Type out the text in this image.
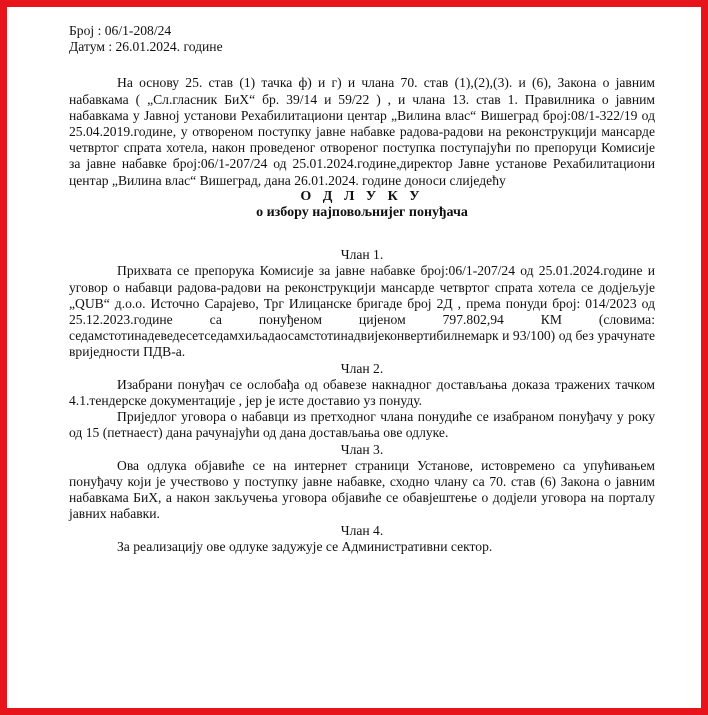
Број : 06/1-208/24

Датум : 26.01.2024. године

На основу 25. став (1) тачка ф) и г) и члана 70. став (1),(2),(3). и (6), Закона о јавним набавкама ( „Сл.гласник БиХ“ бр. 39/14 и 59/22 ) , и члана 13. став 1. Правилника о јавним набавкама у Јавној установи Рехабилитациони центар „Вилина влас“ Вишеград број:08/1-322/19 од 25.04.2019.године, у отвореном поступку јавне набавке радова-радови на реконструкцији мансарде четвртог спрата хотела, након проведеног отвореног поступка поступајући по препоруци Комисије за јавне набавке број:06/1-207/24 од 25.01.2024.године,директор Јавне установе Рехабилитациони центар „Вилина влас“ Вишеград, дана 26.01.2024. године доноси слиједећу

О Д Л У К У

о избору најповољнијег понуђача

Члан 1.

Прихвата се препорука Комисије за јавне набавке број:06/1-207/24 од 25.01.2024.године и уговор о набавци радова-радови на реконструкцији мансарде четвртог спрата хотела се додјељује „QUB“ д.о.о. Источно Сарајево, Трг Илицанске бригаде број 2Д , према понуди број: 014/2023 од 25.12.2023.године са понуђеном цијеном 797.802,94 КМ (словима: седамстотинадеведесетседамхиљадаосамстотинадвијеконвертибилнемарк и 93/100) од без урачунате вриједности ПДВ-а.

Члан 2.

Изабрани понуђач се ослобађа од обавезе накнадног достављања доказа тражених тачком 4.1.тендерске документације , јер је исте доставио уз понуду.

Приједлог уговора о набавци из претходног члана понудиће се изабраном понуђачу у року од 15 (петнаест) дана рачунајући од дана достављања ове одлуке.

Члан 3.

Ова одлука објавиће се на интернет страници Установе, истовремено са упућивањем понуђачу који је учествово у поступку јавне набавке, сходно члану са 70. став (6) Закона о јавним набавкама БиХ, а након закључења уговора објавиће се обавјештење о додјели уговора на порталу јавних набавки.

Члан 4.

За реализацију ове одлуке задужује се Административни сектор.
